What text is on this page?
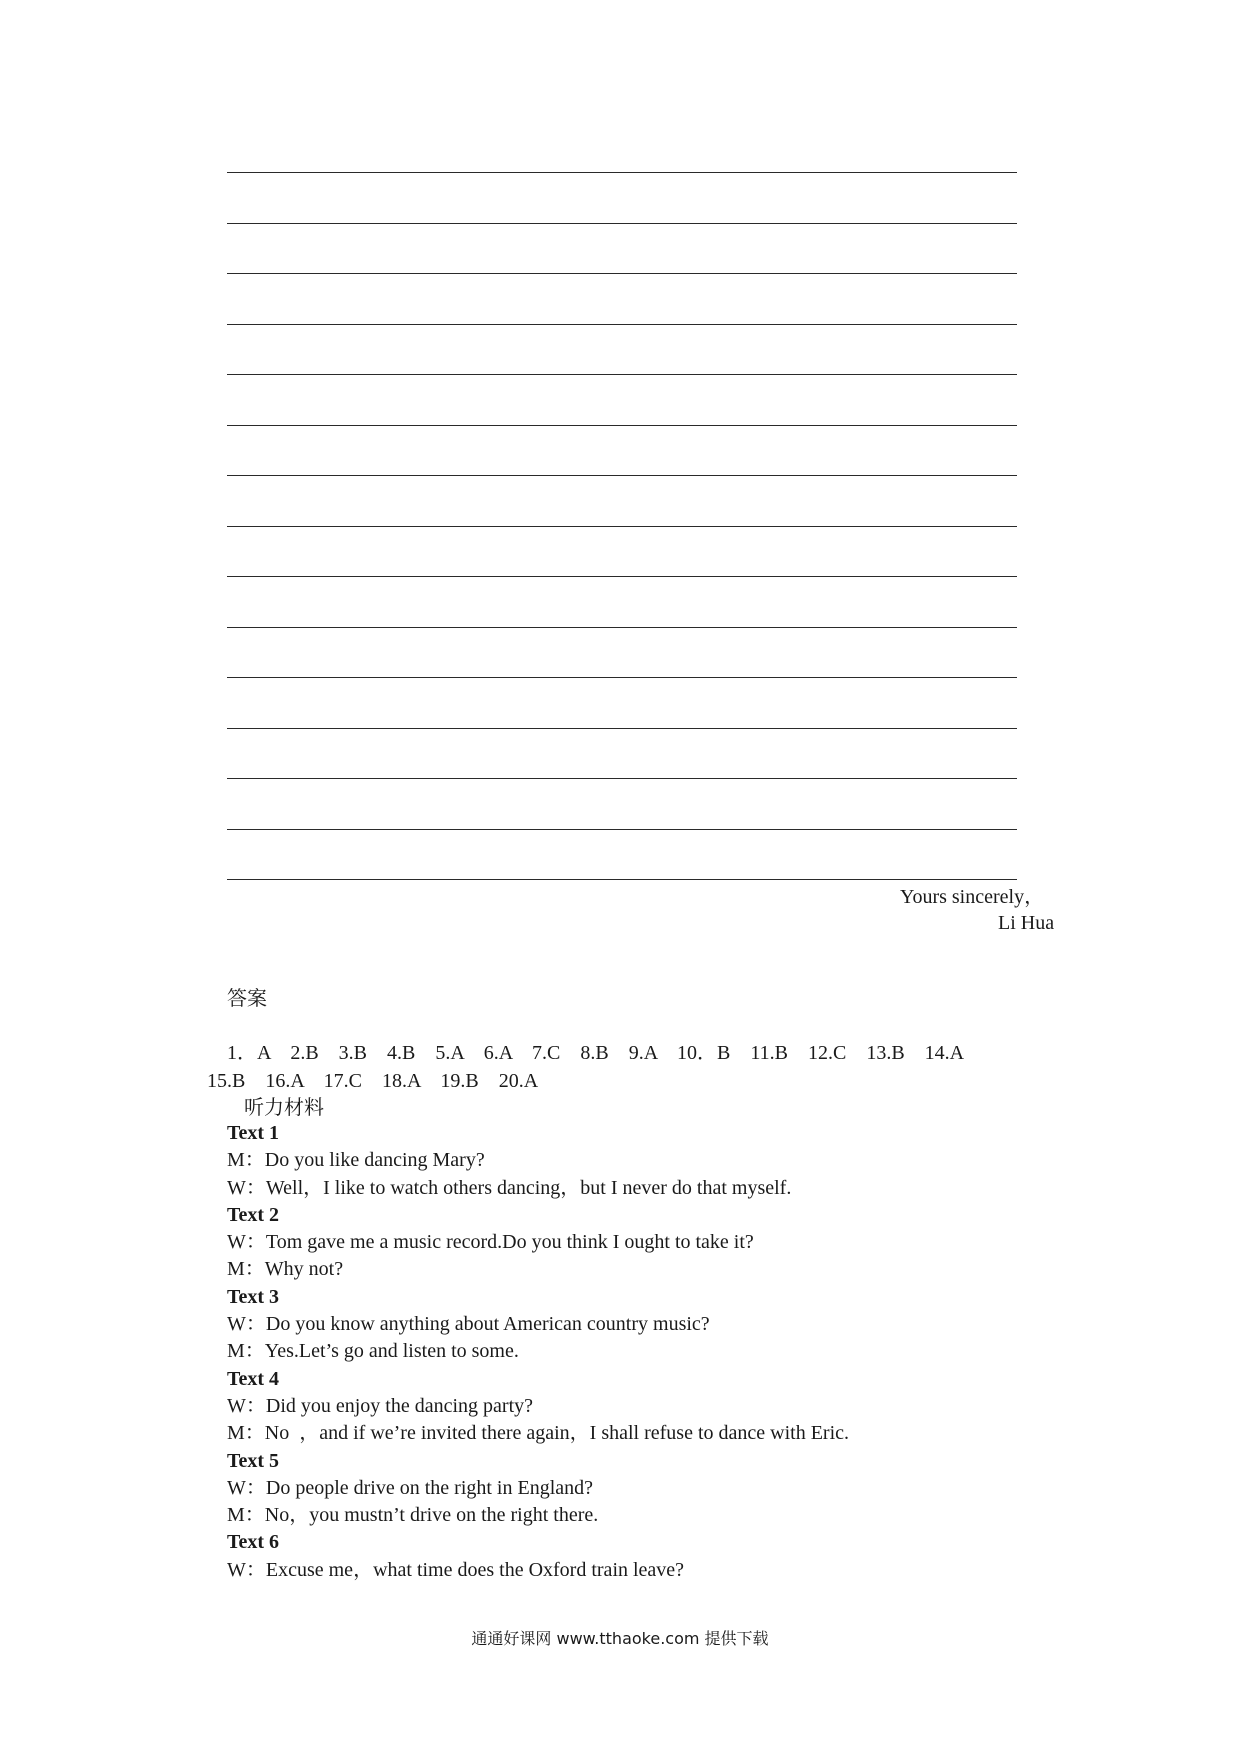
Yours sincerely，
Li Hua
答案
1．A    2.B    3.B    4.B    5.A    6.A    7.C    8.B    9.A    10．B    11.B    12.C    13.B    14.A
15.B    16.A    17.C    18.A    19.B    20.A
听力材料
Text 1
M：Do you like dancing Mary?
W：Well，I like to watch others dancing，but I never do that myself.
Text 2
W：Tom gave me a music record.Do you think I ought to take it?
M：Why not?
Text 3
W：Do you know anything about American country music?
M：Yes.Let’s go and listen to some.
Text 4
W：Did you enjoy the dancing party?
M：No  ，and if we’re invited there again，I shall refuse to dance with Eric.
Text 5
W：Do people drive on the right in England?
M：No，you mustn’t drive on the right there.
Text 6
W：Excuse me，what time does the Oxford train leave?
通通好课网 www.tthaoke.com 提供下载
